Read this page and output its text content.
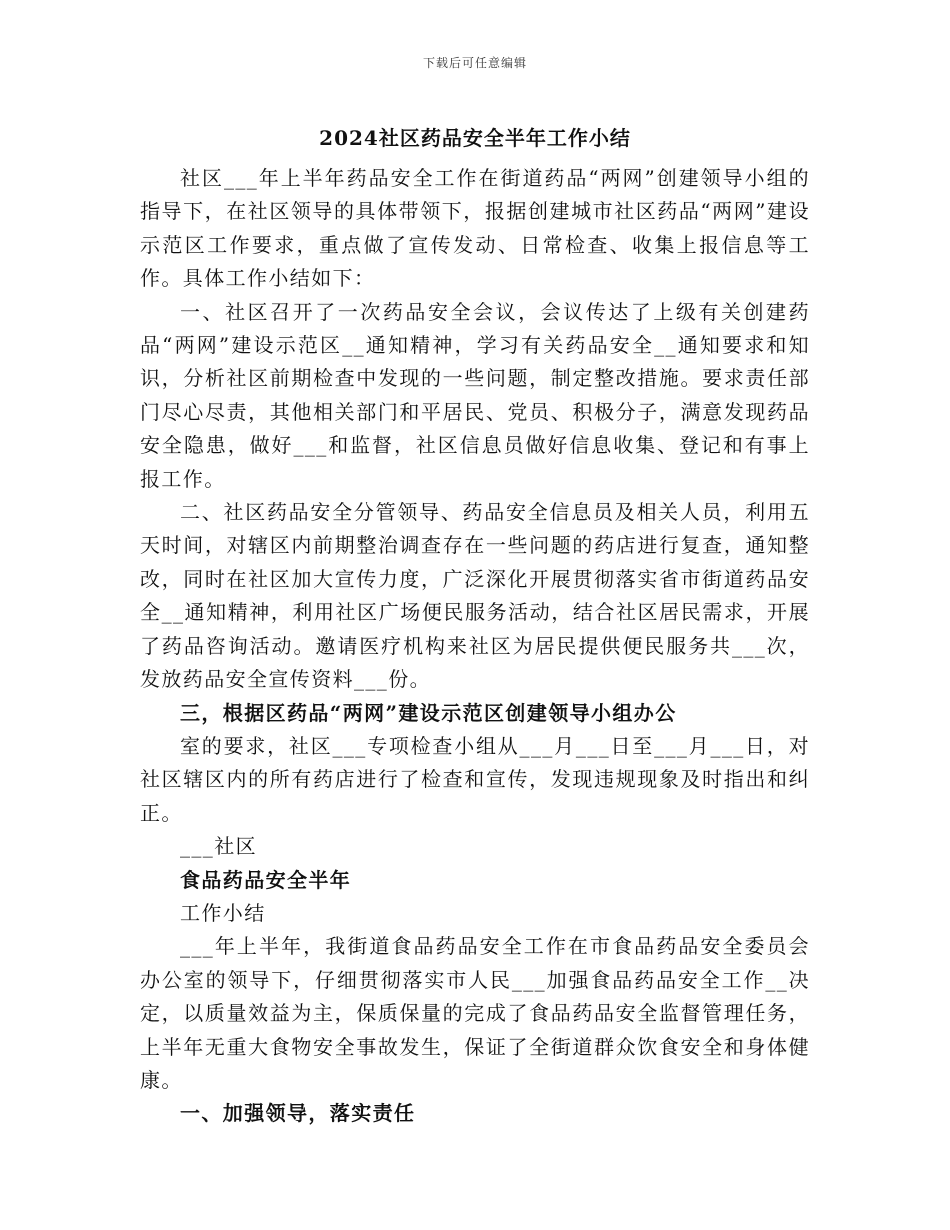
下载后可任意编辑
2024社区药品安全半年工作小结

社区___年上半年药品安全工作在街道药品“两网”创建领导小组的指导下，在社区领导的具体带领下，报据创建城市社区药品“两网”建设示范区工作要求，重点做了宣传发动、日常检查、收集上报信息等工作。具体工作小结如下：

一、社区召开了一次药品安全会议，会议传达了上级有关创建药品“两网”建设示范区__通知精神，学习有关药品安全__通知要求和知识，分析社区前期检查中发现的一些问题，制定整改措施。要求责任部门尽心尽责，其他相关部门和平居民、党员、积极分子，满意发现药品安全隐患，做好___和监督，社区信息员做好信息收集、登记和有事上报工作。

二、社区药品安全分管领导、药品安全信息员及相关人员，利用五天时间，对辖区内前期整治调查存在一些问题的药店进行复查，通知整改，同时在社区加大宣传力度，广泛深化开展贯彻落实省市街道药品安全__通知精神，利用社区广场便民服务活动，结合社区居民需求，开展了药品咨询活动。邀请医疗机构来社区为居民提供便民服务共___次，发放药品安全宣传资料___份。

三，根据区药品“两网”建设示范区创建领导小组办公

室的要求，社区___专项检查小组从___月___日至___月___日，对社区辖区内的所有药店进行了检查和宣传，发现违规现象及时指出和纠正。

___社区

食品药品安全半年

工作小结

___年上半年，我街道食品药品安全工作在市食品药品安全委员会办公室的领导下，仔细贯彻落实市人民___加强食品药品安全工作__决定，以质量效益为主，保质保量的完成了食品药品安全监督管理任务，上半年无重大食物安全事故发生，保证了全街道群众饮食安全和身体健康。

一、加强领导，落实责任
